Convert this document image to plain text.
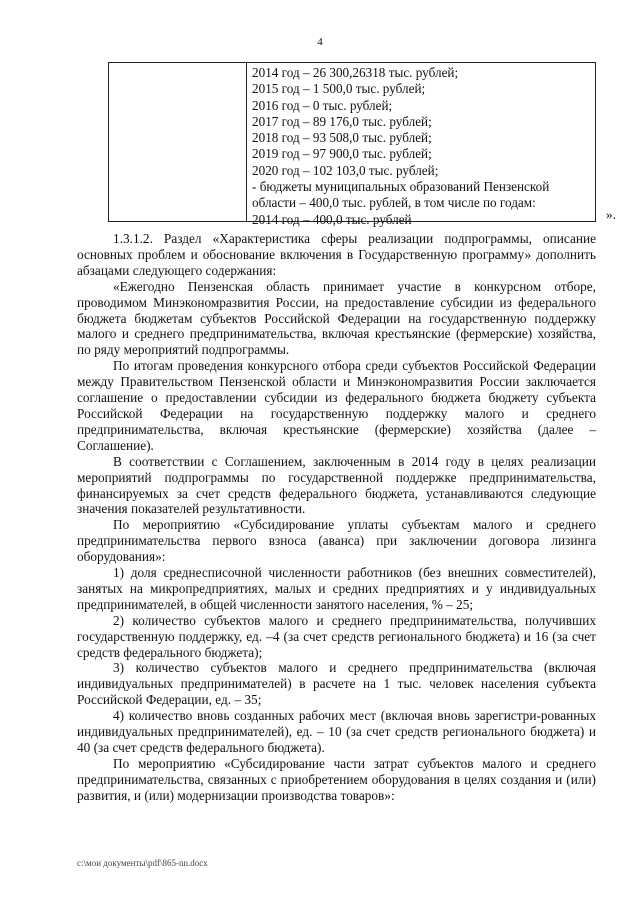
4
2014 год – 26 300,26318 тыс. рублей;
2015 год – 1 500,0 тыс. рублей;
2016 год – 0 тыс. рублей;
2017 год – 89 176,0 тыс. рублей;
2018 год – 93 508,0 тыс. рублей;
2019 год – 97 900,0 тыс. рублей;
2020 год – 102 103,0 тыс. рублей;
- бюджеты муниципальных образований Пензенской
области – 400,0 тыс. рублей, в том числе по годам:
2014 год – 400,0 тыс. рублей	».

1.3.1.2. Раздел «Характеристика сферы реализации подпрограммы, описание основных проблем и обоснование включения в Государственную программу» дополнить абзацами следующего содержания:

«Ежегодно Пензенская область принимает участие в конкурсном отборе, проводимом Минэкономразвития России, на предоставление субсидии из федерального бюджета бюджетам субъектов Российской Федерации на государственную поддержку малого и среднего предпринимательства, включая крестьянские (фермерские) хозяйства, по ряду мероприятий подпрограммы.

По итогам проведения конкурсного отбора среди субъектов Российской Федерации между Правительством Пензенской области и Минэкономразвития России заключается соглашение о предоставлении субсидии из федерального бюджета бюджету субъекта Российской Федерации на государственную поддержку малого и среднего предпринимательства, включая крестьянские (фермерские) хозяйства (далее – Соглашение).

В соответствии с Соглашением, заключенным в 2014 году в целях реализации мероприятий подпрограммы по государственной поддержке предпринимательства, финансируемых за счет средств федерального бюджета, устанавливаются следующие значения показателей результативности.

По мероприятию «Субсидирование уплаты субъектам малого и среднего предпринимательства первого взноса (аванса) при заключении договора лизинга оборудования»:

1) доля среднесписочной численности работников (без внешних совместителей), занятых на микропредприятиях, малых и средних предприятиях и у индивидуальных предпринимателей, в общей численности занятого населения, % – 25;

2) количество субъектов малого и среднего предпринимательства, получивших государственную поддержку, ед. –4 (за счет средств регионального бюджета) и 16 (за счет средств федерального бюджета);

3) количество субъектов малого и среднего предпринимательства (включая индивидуальных предпринимателей) в расчете на 1 тыс. человек населения субъекта Российской Федерации, ед. – 35;

4) количество вновь созданных рабочих мест (включая вновь зарегистри-рованных индивидуальных предпринимателей), ед. – 10 (за счет средств регионального бюджета) и 40 (за счет средств федерального бюджета).

По мероприятию «Субсидирование части затрат субъектов малого и среднего предпринимательства, связанных с приобретением оборудования в целях создания и (или) развития, и (или) модернизации производства товаров»:

c:\мои документы\pdf\865-nn.docx
